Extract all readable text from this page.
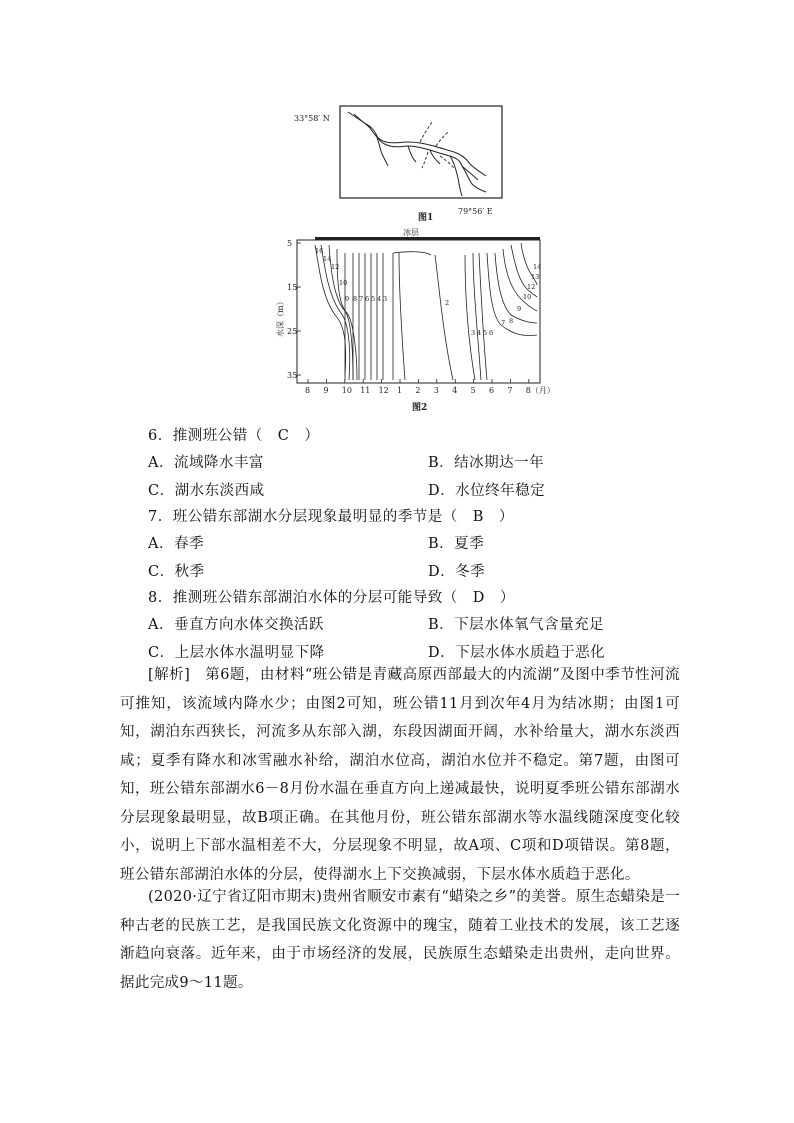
33°58′ N
图1
79°56′ E
冰层
水深（m）
5
15
25
35
8 9 10 11 12 1 2 3 4 5 6 7 8（月）
16
14
12
10
9 8 7 6 5 4 3	2
3 4 5 6
7 8
9
10
12
13
14
图2
6．推测班公错（　C　）
A．流域降水丰富	B．结冰期达一年
C．湖水东淡西咸	D．水位终年稳定
7．班公错东部湖水分层现象最明显的季节是（　B　）
A．春季	B．夏季
C．秋季	D．冬季
8．推测班公错东部湖泊水体的分层可能导致（　D　）
A．垂直方向水体交换活跃	B．下层水体氧气含量充足
C．上层水体水温明显下降	D．下层水体水质趋于恶化
[解析]　 第6题，由材料“班公错是青藏高原西部最大的内流湖”及图中季节性河流可推知，该流域内降水少；由图2可知，班公错11月到次年4月为结冰期；由图1可知，湖泊东西狭长，河流多从东部入湖，东段因湖面开阔，水补给量大，湖水东淡西咸；夏季有降水和冰雪融水补给，湖泊水位高，湖泊水位并不稳定。第7题，由图可知，班公错东部湖水6－8月份水温在垂直方向上递减最快，说明夏季班公错东部湖水分层现象最明显，故B项正确。在其他月份，班公错东部湖水等水温线随深度变化较小，说明上下部水温相差不大，分层现象不明显，故A项、C项和D项错误。第8题，班公错东部湖泊水体的分层，使得湖水上下交换减弱，下层水体水质趋于恶化。
(2020·辽宁省辽阳市期末)贵州省顺安市素有“蜡染之乡”的美誉。原生态蜡染是一种古老的民族工艺，是我国民族文化资源中的瑰宝，随着工业技术的发展，该工艺逐渐趋向衰落。近年来，由于市场经济的发展，民族原生态蜡染走出贵州，走向世界。据此完成9～11题。
